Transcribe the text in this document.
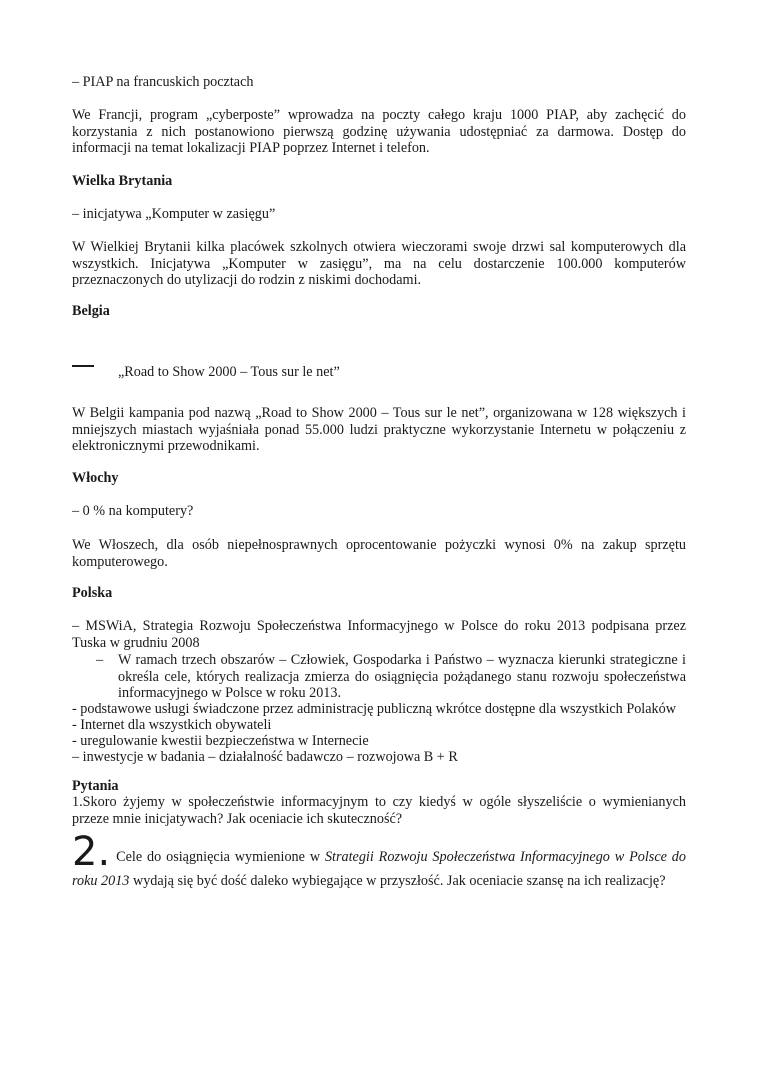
– PIAP na francuskich pocztach
We Francji, program „cyberposte” wprowadza na poczty całego kraju 1000 PIAP, aby zachęcić do korzystania z nich postanowiono pierwszą godzinę używania udostępniać za darmowa. Dostęp do informacji na temat lokalizacji PIAP poprzez Internet i telefon.
Wielka Brytania
– inicjatywa „Komputer w zasięgu”
W Wielkiej Brytanii kilka placówek szkolnych otwiera wieczorami swoje drzwi sal komputerowych dla wszystkich. Inicjatywa „Komputer w zasięgu”, ma na celu dostarczenie 100.000 komputerów przeznaczonych do utylizacji do rodzin z niskimi dochodami.
Belgia
„Road to Show 2000 – Tous sur le net”
W Belgii kampania pod nazwą „Road to Show 2000 – Tous sur le net”, organizowana w 128 większych i mniejszych miastach wyjaśniała ponad 55.000 ludzi praktyczne wykorzystanie Internetu w połączeniu z elektronicznymi przewodnikami.
Włochy
– 0 % na komputery?
We Włoszech, dla osób niepełnosprawnych oprocentowanie pożyczki wynosi 0% na zakup sprzętu komputerowego.
Polska
– MSWiA, Strategia Rozwoju Społeczeństwa Informacyjnego w Polsce do roku 2013 podpisana przez Tuska w grudniu 2008
– W ramach trzech obszarów – Człowiek, Gospodarka i Państwo – wyznacza kierunki strategiczne i określa cele, których realizacja zmierza do osiągnięcia pożądanego stanu rozwoju społeczeństwa informacyjnego w Polsce w roku 2013.
- podstawowe usługi świadczone przez administrację publiczną wkrótce dostępne dla wszystkich Polaków
- Internet dla wszystkich obywateli
- uregulowanie kwestii bezpieczeństwa w Internecie
– inwestycje w badania – działalność badawczo – rozwojowa B + R
Pytania
1.Skoro żyjemy w społeczeństwie informacyjnym to czy kiedyś w ogóle słyszeliście o wymienianych przeze mnie inicjatywach? Jak oceniacie ich skuteczność?
2. Cele do osiągnięcia wymienione w Strategii Rozwoju Społeczeństwa Informacyjnego w Polsce do roku 2013 wydają się być dość daleko wybiegające w przyszłość. Jak oceniacie szansę na ich realizację?
